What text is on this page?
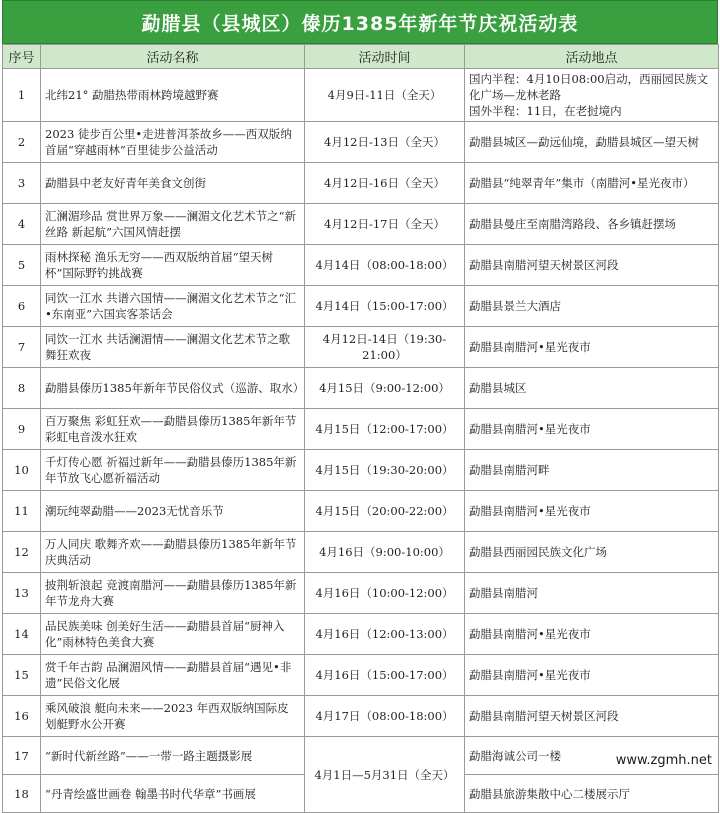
勐腊县（县城区）傣历1385年新年节庆祝活动表
序号	活动名称	活动时间	活动地点
1	北纬21° 勐腊热带雨林跨境越野赛	4月9日-11日（全天）	国内半程：4月10日08:00启动，西丽园民族文化广场—龙林老路
国外半程：11日，在老挝境内

2	2023 徒步百公里•走进普洱茶故乡——西双版纳首届“穿越雨林”百里徒步公益活动	4月12日-13日（全天）	勐腊县城区—勐远仙境，勐腊县城区—望天树
3	勐腊县中老友好青年美食文创街	4月12日-16日（全天）	勐腊县“纯翠青年”集市（南腊河•星光夜市）
4	汇澜湄珍品 赏世界万象——澜湄文化艺术节之“新丝路 新起航”六国风情赶摆	4月12日-17日（全天）	勐腊县曼庄至南腊湾路段、各乡镇赶摆场
5	雨林探秘 渔乐无穷——西双版纳首届“望天树杯”国际野钓挑战赛	4月14日（08:00-18:00）	勐腊县南腊河望天树景区河段
6	同饮一江水 共谱六国情——澜湄文化艺术节之“汇•东南亚”六国宾客茶话会	4月14日（15:00-17:00）	勐腊县景兰大酒店
7	同饮一江水 共话澜湄情——澜湄文化艺术节之歌舞狂欢夜	4月12日-14日（19:30-21:00）	勐腊县南腊河•星光夜市
8	勐腊县傣历1385年新年节民俗仪式（巡游、取水）	4月15日（9:00-12:00）	勐腊县城区
9	百万聚焦 彩虹狂欢——勐腊县傣历1385年新年节彩虹电音泼水狂欢	4月15日（12:00-17:00）	勐腊县南腊河•星光夜市
10	千灯传心愿 祈福过新年——勐腊县傣历1385年新年节放飞心愿祈福活动	4月15日（19:30-20:00）	勐腊县南腊河畔
11	潮玩纯翠勐腊——2023无忧音乐节	4月15日（20:00-22:00）	勐腊县南腊河•星光夜市
12	万人同庆 歌舞齐欢——勐腊县傣历1385年新年节庆典活动	4月16日（9:00-10:00）	勐腊县西丽园民族文化广场
13	披荆斩浪起 竞渡南腊河——勐腊县傣历1385年新年节龙舟大赛	4月16日（10:00-12:00）	勐腊县南腊河
14	品民族美味 创美好生活——勐腊县首届“厨神入化”雨林特色美食大赛	4月16日（12:00-13:00）	勐腊县南腊河•星光夜市
15	赏千年古韵 品澜湄风情——勐腊县首届“遇见•非遗”民俗文化展	4月16日（15:00-17:00）	勐腊县南腊河•星光夜市
16	乘风破浪 艇向未来——2023 年西双版纳国际皮划艇野水公开赛	4月17日（08:00-18:00）	勐腊县南腊河望天树景区河段
17	“新时代新丝路”——一带一路主题摄影展	4月1日—5月31日（全天）	勐腊海诚公司一楼
18	“丹青绘盛世画卷 翰墨书时代华章”书画展		勐腊县旅游集散中心二楼展示厅
www.zgmh.net
